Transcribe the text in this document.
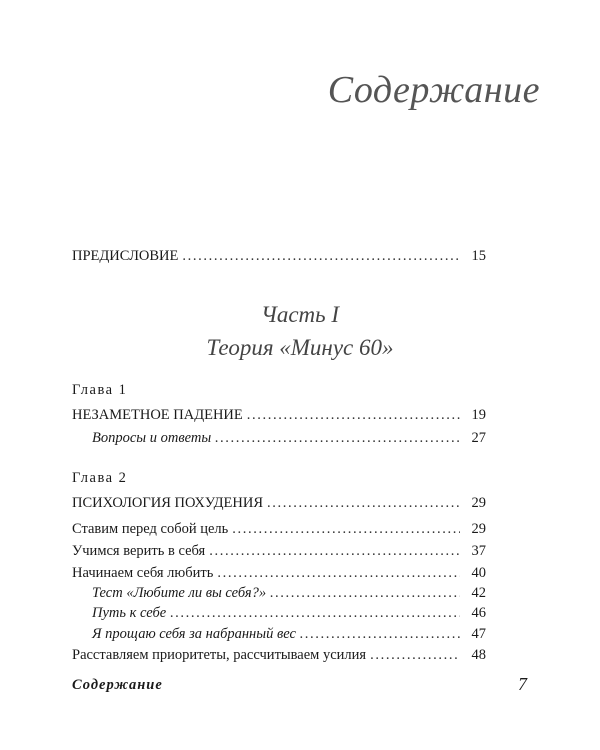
Содержание
ПРЕДИСЛОВИЕ . . .	15
Часть I
Теория «Минус 60»
Глава 1
НЕЗАМЕТНОЕ ПАДЕНИЕ . . .	19
Вопросы и ответы . . .	27
Глава 2
ПСИХОЛОГИЯ ПОХУДЕНИЯ . . .	29
Ставим перед собой цель . . .	29
Учимся верить в себя . . .	37
Начинаем себя любить . . .	40
Тест «Любите ли вы себя?» . . .	42
Путь к себе . . .	46
Я прощаю себя за набранный вес . . .	47
Расставляем приоритеты, рассчитываем усилия . . .	48
Содержание	7
